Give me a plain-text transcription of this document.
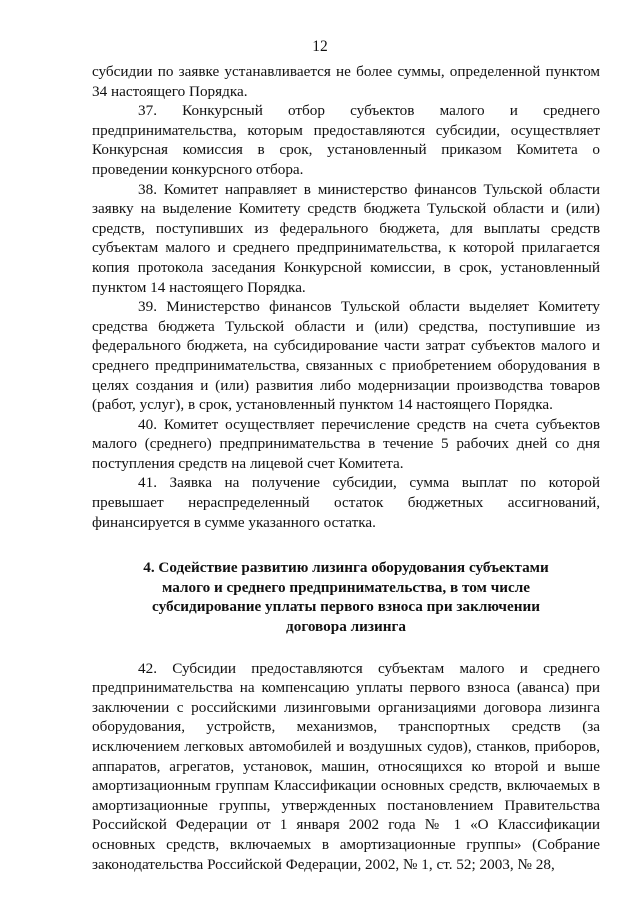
12

субсидии по заявке устанавливается не более суммы, определенной пунктом 34 настоящего Порядка.

37. Конкурсный отбор субъектов малого и среднего предпринимательства, которым предоставляются субсидии, осуществляет Конкурсная комиссия в срок, установленный приказом Комитета о проведении конкурсного отбора.

38. Комитет направляет в министерство финансов Тульской области заявку на выделение Комитету средств бюджета Тульской области и (или) средств, поступивших из федерального бюджета, для выплаты средств субъектам малого и среднего предпринимательства, к которой прилагается копия протокола заседания Конкурсной комиссии, в срок, установленный пунктом 14 настоящего Порядка.

39. Министерство финансов Тульской области выделяет Комитету средства бюджета Тульской области и (или) средства, поступившие из федерального бюджета, на субсидирование части затрат субъектов малого и среднего предпринимательства, связанных с приобретением оборудования в целях создания и (или) развития либо модернизации производства товаров (работ, услуг), в срок, установленный пунктом 14 настоящего Порядка.

40. Комитет осуществляет перечисление средств на счета субъектов малого (среднего) предпринимательства в течение 5 рабочих дней со дня поступления средств на лицевой счет Комитета.

41. Заявка на получение субсидии, сумма выплат по которой превышает нераспределенный остаток бюджетных ассигнований, финансируется в сумме указанного остатка.

4. Содействие развитию лизинга оборудования субъектами
малого и среднего предпринимательства, в том числе
субсидирование уплаты первого взноса при заключении
договора лизинга

42. Субсидии предоставляются субъектам малого и среднего предпринимательства на компенсацию уплаты первого взноса (аванса) при заключении с российскими лизинговыми организациями договора лизинга оборудования, устройств, механизмов, транспортных средств (за исключением легковых автомобилей и воздушных судов), станков, приборов, аппаратов, агрегатов, установок, машин, относящихся ко второй и выше амортизационным группам Классификации основных средств, включаемых в амортизационные группы, утвержденных постановлением Правительства Российской Федерации от 1 января 2002 года № 1 «О Классификации основных средств, включаемых в амортизационные группы» (Собрание законодательства Российской Федерации, 2002, № 1, ст. 52; 2003, № 28,
